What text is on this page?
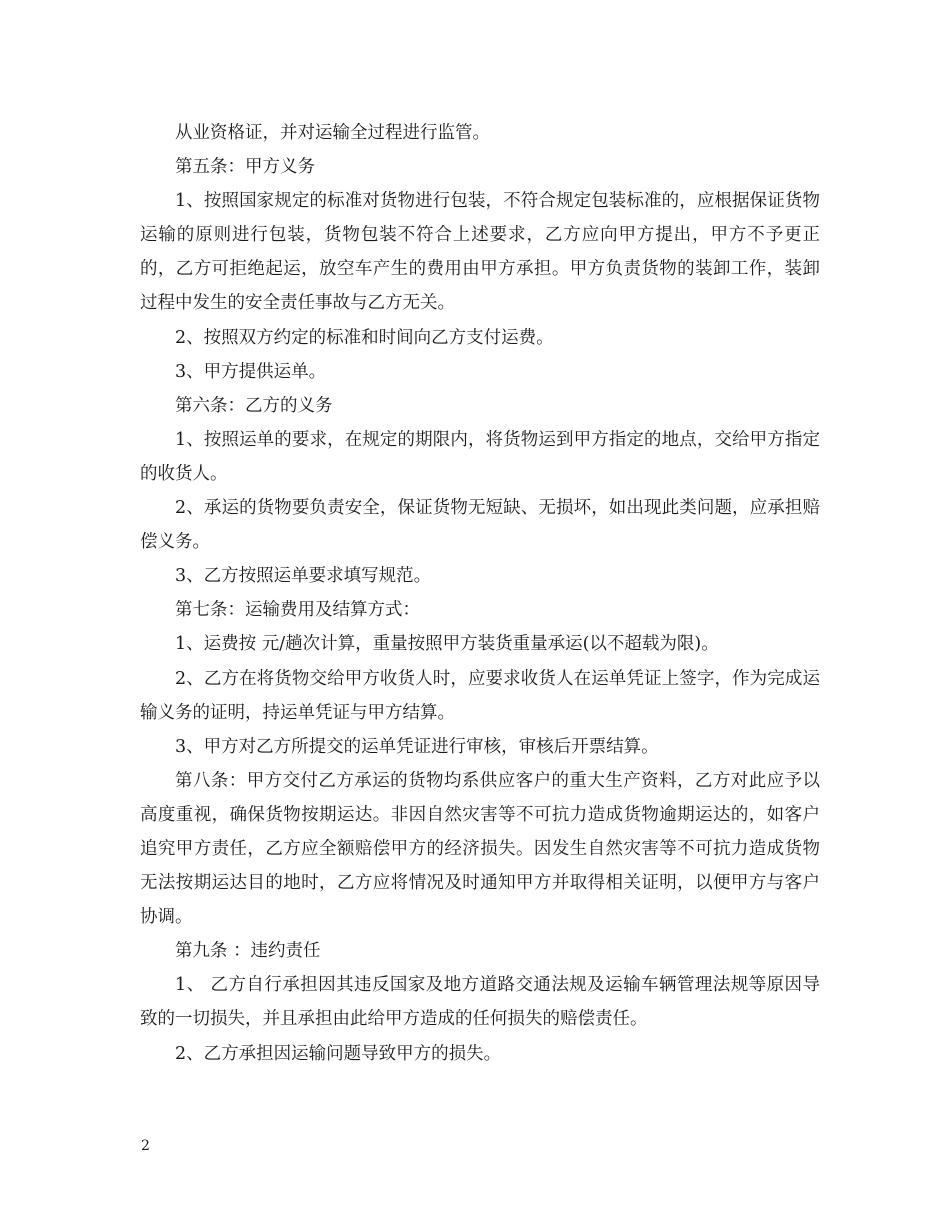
从业资格证，并对运输全过程进行监管。

第五条：甲方义务

1、按照国家规定的标准对货物进行包装，不符合规定包装标准的，应根据保证货物运输的原则进行包装，货物包装不符合上述要求，乙方应向甲方提出，甲方不予更正的，乙方可拒绝起运，放空车产生的费用由甲方承担。甲方负责货物的装卸工作，装卸过程中发生的安全责任事故与乙方无关。

2、按照双方约定的标准和时间向乙方支付运费。

3、甲方提供运单。

第六条：乙方的义务

1、按照运单的要求，在规定的期限内，将货物运到甲方指定的地点，交给甲方指定的收货人。

2、承运的货物要负责安全，保证货物无短缺、无损坏，如出现此类问题，应承担赔偿义务。

3、乙方按照运单要求填写规范。

第七条：运输费用及结算方式：

1、运费按 元/趟次计算，重量按照甲方装货重量承运(以不超载为限)。

2、乙方在将货物交给甲方收货人时，应要求收货人在运单凭证上签字，作为完成运输义务的证明，持运单凭证与甲方结算。

3、甲方对乙方所提交的运单凭证进行审核，审核后开票结算。

第八条：甲方交付乙方承运的货物均系供应客户的重大生产资料，乙方对此应予以高度重视，确保货物按期运达。非因自然灾害等不可抗力造成货物逾期运达的，如客户追究甲方责任，乙方应全额赔偿甲方的经济损失。因发生自然灾害等不可抗力造成货物无法按期运达目的地时，乙方应将情况及时通知甲方并取得相关证明，以便甲方与客户协调。

第九条 ：违约责任

1、 乙方自行承担因其违反国家及地方道路交通法规及运输车辆管理法规等原因导致的一切损失，并且承担由此给甲方造成的任何损失的赔偿责任。

2、乙方承担因运输问题导致甲方的损失。

2
